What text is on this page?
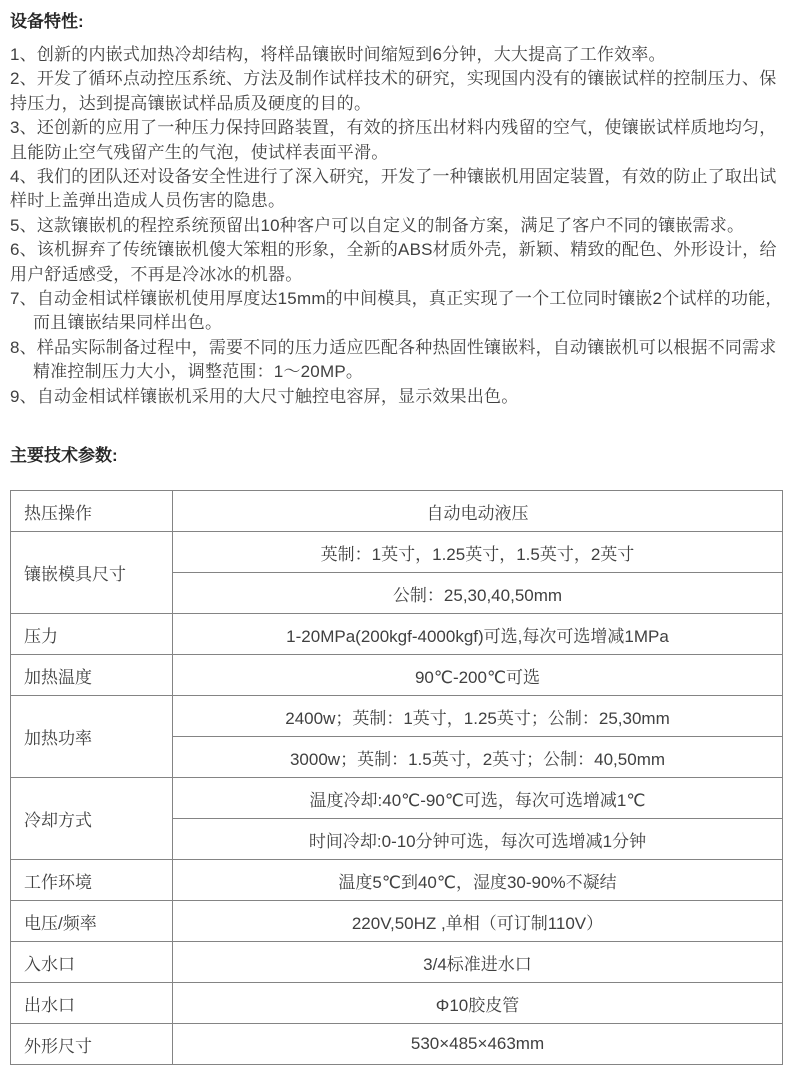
设备特性:

1、创新的内嵌式加热冷却结构，将样品镶嵌时间缩短到6分钟，大大提高了工作效率。

2、开发了循环点动控压系统、方法及制作试样技术的研究，实现国内没有的镶嵌试样的控制压力、保持压力，达到提高镶嵌试样品质及硬度的目的。

3、还创新的应用了一种压力保持回路装置，有效的挤压出材料内残留的空气，使镶嵌试样质地均匀，且能防止空气残留产生的气泡，使试样表面平滑。

4、我们的团队还对设备安全性进行了深入研究，开发了一种镶嵌机用固定装置，有效的防止了取出试样时上盖弹出造成人员伤害的隐患。

5、这款镶嵌机的程控系统预留出10种客户可以自定义的制备方案，满足了客户不同的镶嵌需求。

6、该机摒弃了传统镶嵌机傻大笨粗的形象，全新的ABS材质外壳，新颖、精致的配色、外形设计，给用户舒适感受，不再是冷冰冰的机器。

7、自动金相试样镶嵌机使用厚度达15mm的中间模具，真正实现了一个工位同时镶嵌2个试样的功能，而且镶嵌结果同样出色。

8、样品实际制备过程中，需要不同的压力适应匹配各种热固性镶嵌料，自动镶嵌机可以根据不同需求精准控制压力大小，调整范围：1～20MP。

9、自动金相试样镶嵌机采用的大尺寸触控电容屏，显示效果出色。

主要技术参数:
热压操作	自动电动液压
镶嵌模具尺寸	英制：1英寸，1.25英寸，1.5英寸，2英寸
	公制：25,30,40,50mm
压力	1-20MPa(200kgf-4000kgf)可选,每次可选增减1MPa
加热温度	90℃-200℃可选
加热功率	2400w；英制：1英寸，1.25英寸；公制：25,30mm
	3000w；英制：1.5英寸，2英寸；公制：40,50mm
冷却方式	温度冷却:40℃-90℃可选，每次可选增减1℃
	时间冷却:0-10分钟可选，每次可选增减1分钟
工作环境	温度5℃到40℃，湿度30-90%不凝结
电压/频率	220V,50HZ ,单相（可订制110V）
入水口	3/4标准进水口
出水口	Φ10胶皮管
外形尺寸	530×485×463mm
